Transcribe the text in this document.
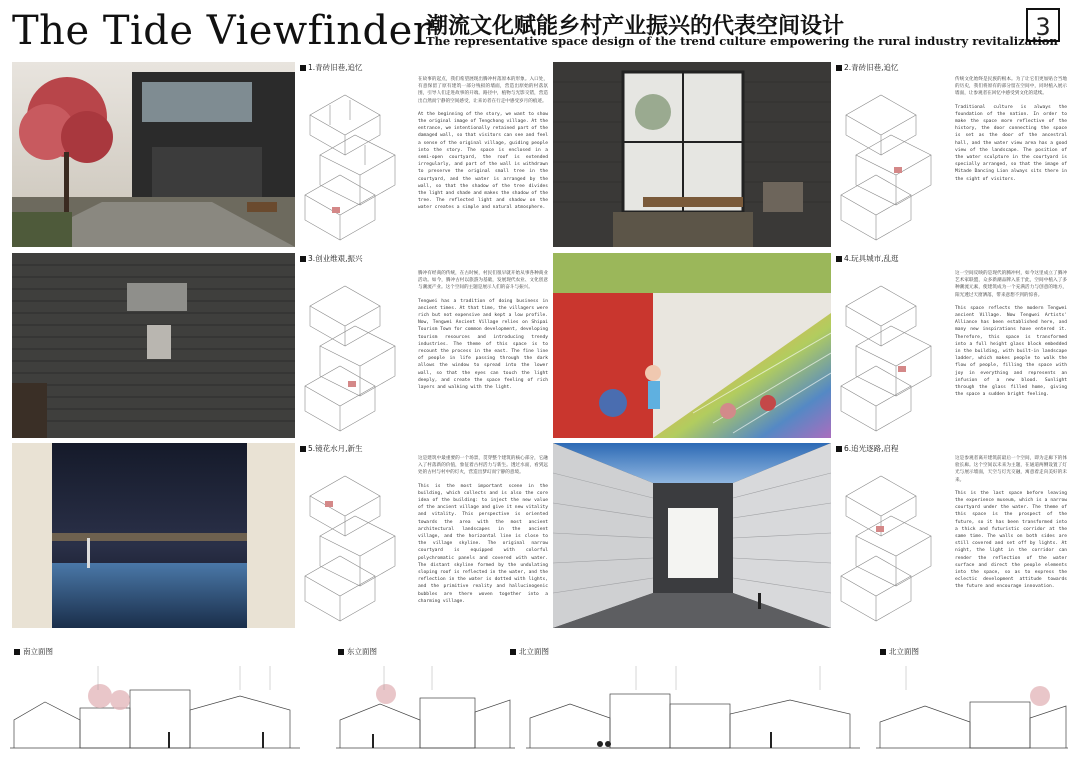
The Tide Viewfinder
潮流文化赋能乡村产业振兴的代表空间设计
The representative space design of the trend culture empowering the rural industry revitalization
3
1.青砖旧巷,追忆

在故事的起点，我们希望展现出腾冲村落原本的形象。入口处，有意保留了原有建筑一部分残损的墙面，营造出原始的村落氛围，引导人们走进故事的开端。路径中，植物与光影交错，营造出自然而宁静的空间感受，让来访者在行走中感受岁月的痕迹。

At the beginning of the story, we want to show the original image of Tengchong village. At the entrance, we intentionally retained part of the damaged wall, so that visitors can see and feel a sense of the original village, guiding people into the story. The space is enclosed in a semi-open courtyard, the roof is extended irregularly, and part of the wall is withdrawn to preserve the original small tree in the courtyard, and the water is arranged by the wall, so that the shadow of the tree divides the light and shade and makes the shadow of the tree. The reflected light and shadow on the water creates a simple and natural atmosphere.

2.青砖旧巷,追忆

传统文化始终是民族的根本。为了让它们更加贴合当地的历史，我们将原有的部分留在空间中，同时植入展示墙面，让参观者在回忆中感受到文化的延续。

Traditional culture is always the foundation of the nation. In order to make the space more reflective of the history, the door connecting the space is set as the door of the ancestral hall, and the water view area has a good view of the landscape. The position of the water sculpture in the courtyard is specially arranged, so that the image of Mitade Dancing Lion always sits there in the sight of visitors.

3.创业维艰,振兴

腾冲有经商的传统，在古时候，村民们很早就开始从事各种商业活动。如今，腾冲古村以旅游为基础，发展现代农业、文化创意与潮流产业。这个空间的主题是展示人们的奋斗与振兴。

Tengwei has a tradition of doing business in ancient times. At that time, the villagers were rich but not expensive and kept a low profile. Now, Tengwei Ancient Village relies on Shipai Tourism Town for common development, developing tourism resources and introducing trendy industries. The theme of this space is to recount the process in the east. The fine line of people in life passing through the dark allows the window to spread into the lower wall, so that the eyes can touch the light deeply, and create the space feeling of rich layers and walking with the light.

4.玩具城市,乱逛

这一空间反映的是现代的腾冲村，如今这里成立了腾冲艺术家联盟，众多新潮品牌入驻于此，空间中植入了多种潮流元素，使建筑成为一个充满活力与创意的地方，阳光透过天窗洒落，带来意想不到的惊喜。

This space reflects the modern Tengwei ancient Village. Now Tengwei Artists' Alliance has been established here, and many new inspirations have entered it. Therefore, this space is transformed into a full height glass block embedded in the building, with built-in landscape ladder, which makes people to walk the flow of people, filling the space with joy in everything and represents an infusion of a new blood. Sunlight through the glass filled home, giving the space a sudden bright feeling.

5.镜花水月,新生

这是建筑中最重要的一个场景，贯穿整个建筑的核心部分，它融入了村落新的价值，象征着古村活力与新生。透过水面，看到远处的古村与村中的灯火，营造出梦幻而宁静的意境。

This is the most important scene in the building, which collects and is also the core idea of the building: to inject the new value of the ancient village and give it new vitality and vitality. This perspective is oriented towards the area with the most ancient architectural landscapes in the ancient village, and the horizontal line is close to the village skyline. The original narrow courtyard is equipped with colorful polychromatic panels and covered with water. The distant skyline formed by the undulating sloping roof is reflected in the water, and the reflection in the water is dotted with lights, and the primitive reality and hallucinogenic bubbles are there woven together into a charming village.

6.追光逐路,启程

这是参观者离开建筑前最后一个空间，即为走廊下的体验长廊。这个空间以未来为主题，在通道两侧设置了灯光与展示墙面，天空与灯光交融，寓意着走向美好的未来。

This is the last space before leaving the experience museum, which is a narrow courtyard under the water. The theme of this space is the prospect of the future, so it has been transformed into a thick and futuristic corridor at the same time. The walls on both sides are still covered and set off by lights. At night, the light in the corridor can render the reflection of the water surface and direct the people elements into the space, so as to express the eclectic development attitude towards the future and encourage innovation.

南立面图	东立面图	北立面图	北立面图
